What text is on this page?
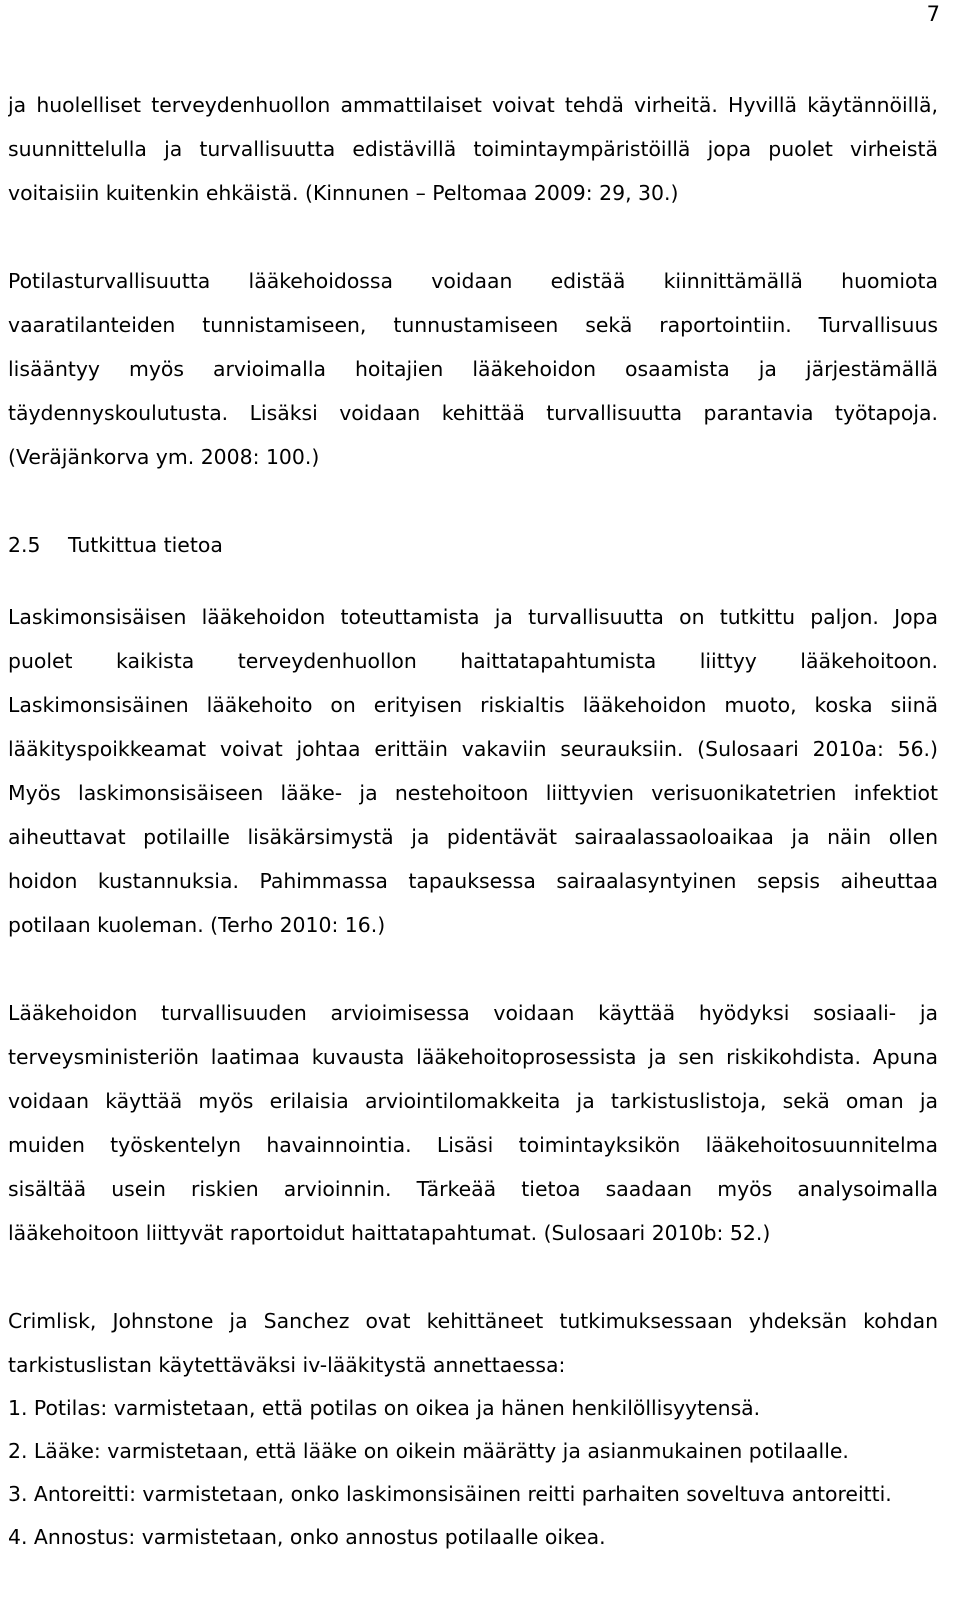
7

ja huolelliset terveydenhuollon ammattilaiset voivat tehdä virheitä. Hyvillä käytännöillä,
suunnittelulla ja turvallisuutta edistävillä toimintaympäristöillä jopa puolet virheistä
voitaisiin kuitenkin ehkäistä. (Kinnunen – Peltomaa 2009: 29, 30.)

Potilasturvallisuutta lääkehoidossa voidaan edistää kiinnittämällä huomiota
vaaratilanteiden tunnistamiseen, tunnustamiseen sekä raportointiin. Turvallisuus
lisääntyy myös arvioimalla hoitajien lääkehoidon osaamista ja järjestämällä
täydennyskoulutusta. Lisäksi voidaan kehittää turvallisuutta parantavia työtapoja.
(Veräjänkorva ym. 2008: 100.)

2.5 Tutkittua tietoa

Laskimonsisäisen lääkehoidon toteuttamista ja turvallisuutta on tutkittu paljon. Jopa
puolet kaikista terveydenhuollon haittatapahtumista liittyy lääkehoitoon.
Laskimonsisäinen lääkehoito on erityisen riskialtis lääkehoidon muoto, koska siinä
lääkityspoikkeamat voivat johtaa erittäin vakaviin seurauksiin. (Sulosaari 2010a: 56.)
Myös laskimonsisäiseen lääke- ja nestehoitoon liittyvien verisuonikatetrien infektiot
aiheuttavat potilaille lisäkärsimystä ja pidentävät sairaalassaoloaikaa ja näin ollen
hoidon kustannuksia. Pahimmassa tapauksessa sairaalasyntyinen sepsis aiheuttaa
potilaan kuoleman. (Terho 2010: 16.)

Lääkehoidon turvallisuuden arvioimisessa voidaan käyttää hyödyksi sosiaali- ja
terveysministeriön laatimaa kuvausta lääkehoitoprosessista ja sen riskikohdista. Apuna
voidaan käyttää myös erilaisia arviointilomakkeita ja tarkistuslistoja, sekä oman ja
muiden työskentelyn havainnointia. Lisäsi toimintayksikön lääkehoitosuunnitelma
sisältää usein riskien arvioinnin. Tärkeää tietoa saadaan myös analysoimalla
lääkehoitoon liittyvät raportoidut haittatapahtumat. (Sulosaari 2010b: 52.)

Crimlisk, Johnstone ja Sanchez ovat kehittäneet tutkimuksessaan yhdeksän kohdan
tarkistuslistan käytettäväksi iv-lääkitystä annettaessa:

1. Potilas: varmistetaan, että potilas on oikea ja hänen henkilöllisyytensä.
2. Lääke: varmistetaan, että lääke on oikein määrätty ja asianmukainen potilaalle.
3. Antoreitti: varmistetaan, onko laskimonsisäinen reitti parhaiten soveltuva antoreitti.
4. Annostus: varmistetaan, onko annostus potilaalle oikea.
